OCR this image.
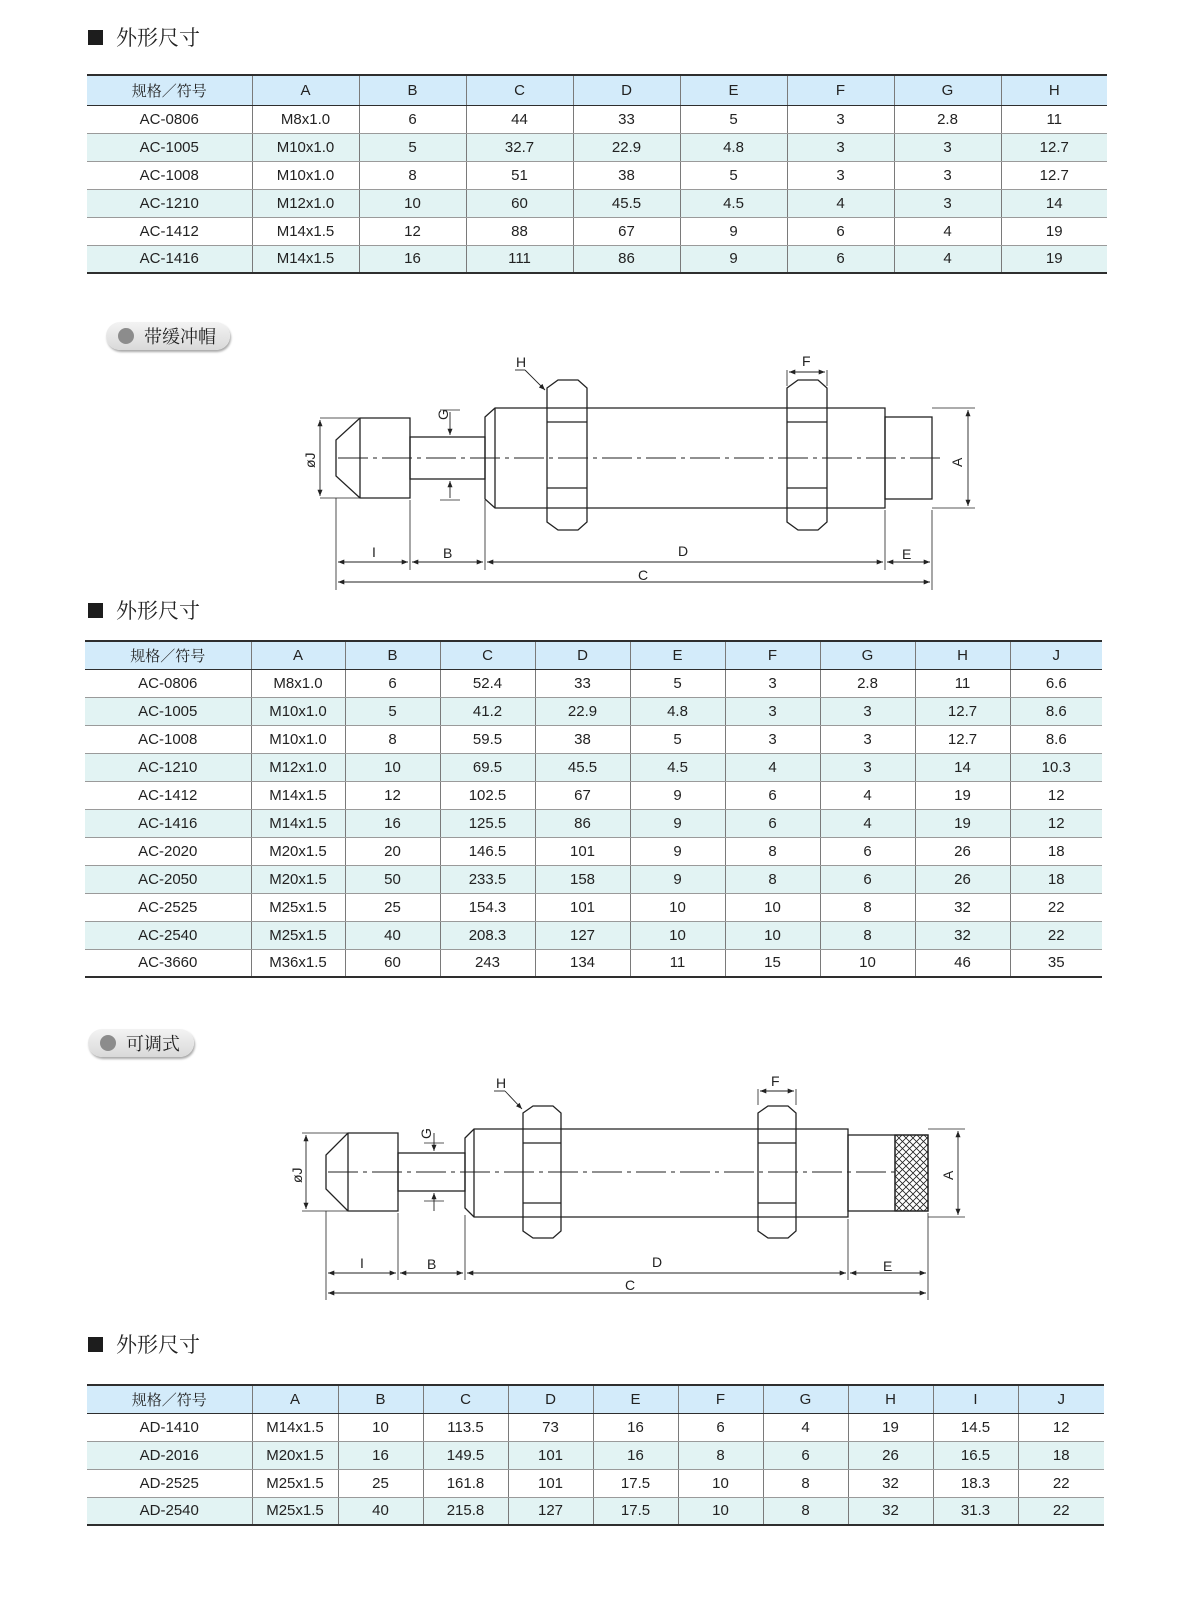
外形尺寸
规格／符号	A	B	C	D	E	F	G	H
AC-0806	M8x1.0	6	44	33	5	3	2.8	11
AC-1005	M10x1.0	5	32.7	22.9	4.8	3	3	12.7
AC-1008	M10x1.0	8	51	38	5	3	3	12.7
AC-1210	M12x1.0	10	60	45.5	4.5	4	3	14
AC-1412	M14x1.5	12	88	67	9	6	4	19
AC-1416	M14x1.5	16	111	86	9	6	4	19
带缓冲帽
H	F
G
A
øJ
I	B	D	E
C
外形尺寸
规格／符号	A	B	C	D	E	F	G	H	J
AC-0806	M8x1.0	6	52.4	33	5	3	2.8	11	6.6
AC-1005	M10x1.0	5	41.2	22.9	4.8	3	3	12.7	8.6
AC-1008	M10x1.0	8	59.5	38	5	3	3	12.7	8.6
AC-1210	M12x1.0	10	69.5	45.5	4.5	4	3	14	10.3
AC-1412	M14x1.5	12	102.5	67	9	6	4	19	12
AC-1416	M14x1.5	16	125.5	86	9	6	4	19	12
AC-2020	M20x1.5	20	146.5	101	9	8	6	26	18
AC-2050	M20x1.5	50	233.5	158	9	8	6	26	18
AC-2525	M25x1.5	25	154.3	101	10	10	8	32	22
AC-2540	M25x1.5	40	208.3	127	10	10	8	32	22
AC-3660	M36x1.5	60	243	134	11	15	10	46	35
可调式
H	F
G
A
øJ
I	B	D	E
C
外形尺寸
规格／符号	A	B	C	D	E	F	G	H	I	J
AD-1410	M14x1.5	10	113.5	73	16	6	4	19	14.5	12
AD-2016	M20x1.5	16	149.5	101	16	8	6	26	16.5	18
AD-2525	M25x1.5	25	161.8	101	17.5	10	8	32	18.3	22
AD-2540	M25x1.5	40	215.8	127	17.5	10	8	32	31.3	22
